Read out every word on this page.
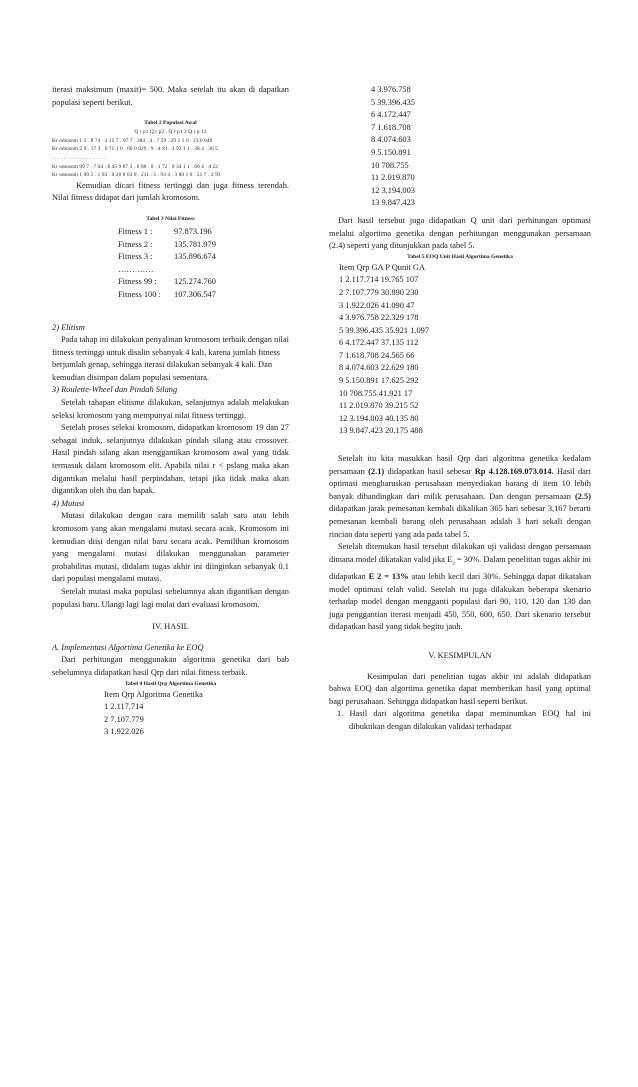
iterasi maksimum (maxit)= 500. Maka setelah itu akan di dapatkan populasi seperti berikut.

Tabel 2 Populasi Awal

Q r p1 Q r p2 . Q r p1 2 Q r p 13

Kr omosom 1 3 . 8 74 . 3 15 7 . 97 7 . 384 . 4 . 7 59 . 29 1 1 0 . 23 0 049

Kr omosom 2 9 . 17 3 . 6 75 1 0 . 60 0 829 . 9 . 4 81 . 4 92 1 1 . 38 4 . 36 5

. . . . . . . . . . . . . . . . . . .

Kr omosom 99 7 . 7 04 . 8 45 9 87 3 . 6 86 . 8 . 1 72 . 6 34 1 1 . 06 4 . 4 22

Kr omosom 1 00 5 . 1 93 . 0 26 8 63 0 . 211 . 5 . 93 4 . 3 80 1 0 . 51 7 . 2 93

Kemudian dicari fitness tertinggi dan juga fitness terendah. Nilai fitness didapat dari jumlah kromosom.

Tabel 3 Nilai Fitness

Fitness 1 :	97.873.196
Fitness 2 :	135.781.979
Fitness 3 :	135.896.674
…… ……
Fitness 99 :	125.274.760
Fitness 100 :	107.306.547

2) Elitism

Pada tahap ini dilakukan penyalinan kromosom terbaik dengan nilai fitness tertinggi untuk disalin sebanyak 4 kali, karena jumlah fitness berjumlah genap, sehingga iterasi dilakukan sebanyak 4 kali. Dan kemudian disimpan dalam populasi sementara.

3) Roulette-Wheel dan Pindah Silang

Setelah tahapan elitisme dilakukan, selanjutnya adalah melakukan seleksi kromosom yang mempunyai nilai fitness tertinggi.

Setelah proses seleksi kromosom, didapatkan kromosom 19 dan 27 sebagai induk, selanjutnya dilakukan pindah silang atau crossover. Hasil pindah silang akan menggantikan kromosom awal yang tidak termasuk dalam kromosom elit. Apabila nilai r < pslang maka akan digantikan melalui hasil perpindahan, tetapi jika tidak maka akan digantikan oleh ibu dan bapak.

4) Mutasi

Mutasi dilakukan dengan cara memilih salah satu atau lebih kromosom yang akan mengalami mutasi secara acak. Kromosom ini kemudian diisi dengan nilai baru secara acak. Pemilihan kromosom yang mengalami mutasi dilakukan menggunakan parameter probabilitas mutasi, didalam tugas akhir ini diinginkan sebanyak 0.1 dari populasi mengalami mutasi.

Setelah mutasi maka populasi sebelumnya akan digantikan dengan populasi baru. Ulangi lagi lagi mulai dari evaluasi kromosom.

IV. HASIL

A. Implementasi Algortima Genetika ke EOQ

Dari perhitungan menggunakan algoritma genetika dari bab sebelumnya didapatkan hasil Qrp dari nilai fitness terbaik.

Tabel 4 Hasil Qrp Algortima Genetika

Item Qrp Algoritma Genetika

1 2.117.714

2 7.107.779

3 1.922.026

4 3.976.758

5 39.396.435

6 4.172.447

7 1.618.708

8 4.074.603

9 5.150.891

10 708.755

11 2.019.870

12 3.194.003

13 9.847.423

Dari hasil tersebut juga didapatkan Q unit dari perhitungan optimasi melalui algortima genetika dengan perhitungan menggunakan persamaan (2.4) seperti yang ditunjukkan pada tabel 5.

Tabel 5 EOQ Unit Hasil Algortima Genetika

Item Qrp GA P Qunit GA

1 2.117.714 19.765 107

2 7.107.779 30.890 230

3 1.922.026 41.090 47

4 3.976.758 22.329 178

5 39.396.435 35.921 1.097

6 4.172.447 37.135 112

7 1.618.708 24.565 66

8 4.074.603 22.629 180

9 5.150.891 17.625 292

10 708.755 41.921 17

11 2.019.870 39.215 52

12 3.194.003 40.135 80

13 9.847.423 20.175 488

Setelah itu kita masukkan hasil Qrp dari algoritma genetika kedalam persamaan (2.1) didapatkan hasil sebesar Rp 4.128.169.073.014. Hasil dari optimasi mengharuskan perusahaan menyediakan barang di item 10 lebih banyak dibandingkan dari milik perusahaan. Dan dengan persamaan (2.5) didapatkan jarak pemesanan kembali dikalikan 365 hari sebesar 3,167 berarti pemesanan kembali barang oleh perusahaan adalah 3 hari sekali dengan rincian data seperti yang ada pada tabel 5.

Setelah ditemukan hasil tersebut dilakukan uji validasi dengan persamaan dimana model dikatakan valid jika $E_2 = 30\%$. Dalam penelitian tugas akhir ini didapatkan E 2 = 13% atau lebih kecil dari 30%. Sehingga dapat dikatakan model optimasi telah valid. Setelah itu juga dilakukan beberapa skenario terhadap model dengan mengganti populasi dari 90, 110, 120 dan 130 dan juga penggantian iterasi menjadi 450, 550, 600, 650. Dari skenario tersebut didapatkan hasil yang tidak begitu jauh.

V. KESIMPULAN

Kesimpulan dari penelitian tugas akhir ini adalah didapatkan bahwa EOQ dan algortima genetika dapat memberikan hasil yang optimal bagi perusahaan. Sehingga didapatkan hasil seperti berikut.

1. Hasil dari algoritma genetika dapat meminumkan EOQ hal ini dibuktikan dengan dilakukan validasi terhadapat
